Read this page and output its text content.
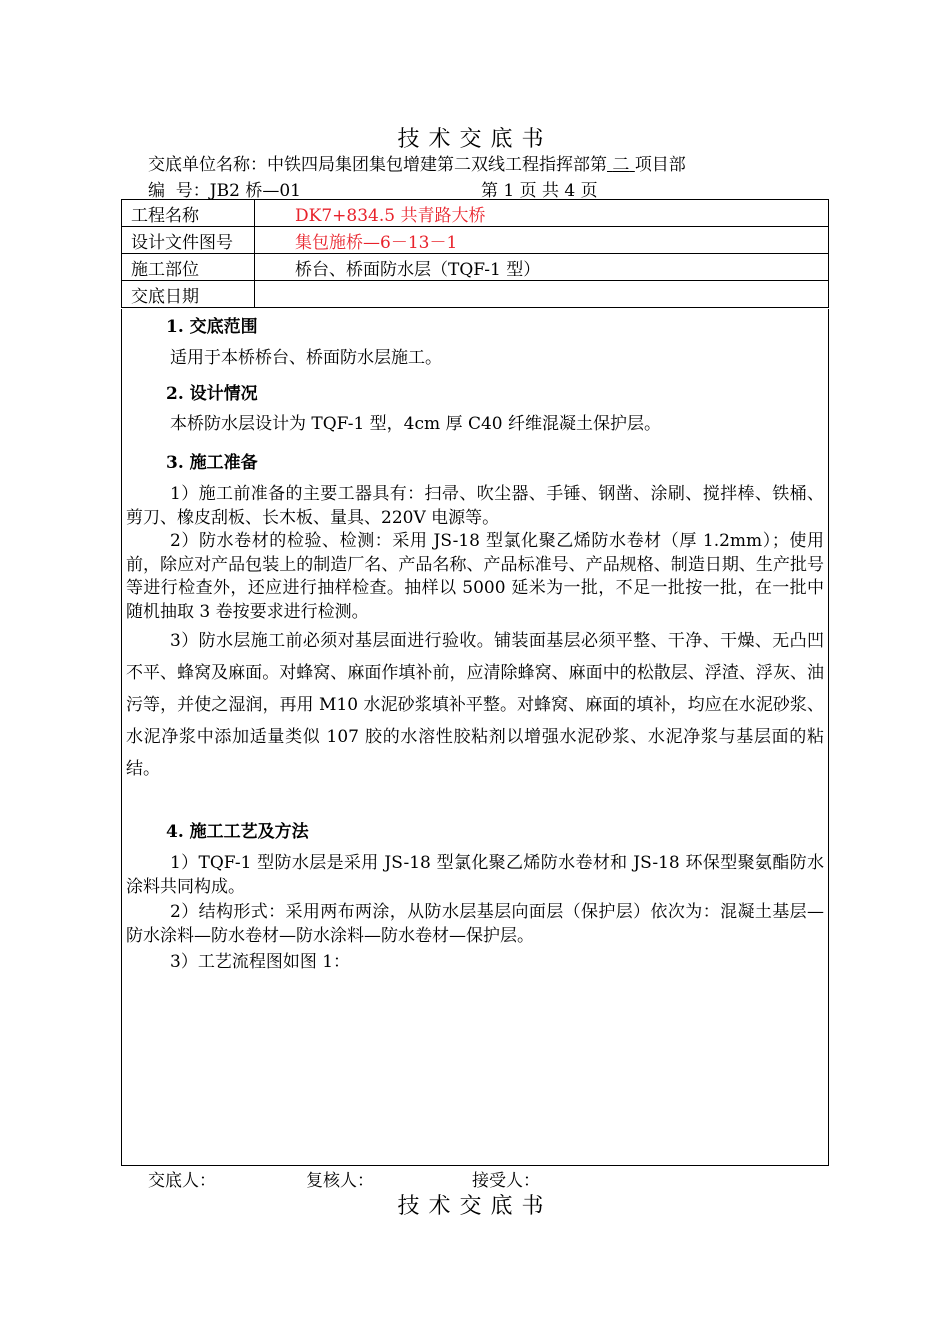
技术交底书
交底单位名称：中铁四局集团集包增建第二双线工程指挥部第 二 项目部
编  号：JB2 桥—01	第 1 页 共 4 页
工程名称	DK7+834.5 共青路大桥
设计文件图号	集包施桥—6－13－1
施工部位	桥台、桥面防水层（TQF-1 型）
交底日期	
1. 交底范围
适用于本桥桥台、桥面防水层施工。
2. 设计情况
本桥防水层设计为 TQF-1 型，4cm 厚 C40 纤维混凝土保护层。
3. 施工准备
1）施工前准备的主要工器具有：扫帚、吹尘器、手锤、钢凿、涂刷、搅拌棒、铁桶、剪刀、橡皮刮板、长木板、量具、220V 电源等。
2）防水卷材的检验、检测：采用 JS-18 型氯化聚乙烯防水卷材（厚 1.2mm）；使用前，除应对产品包装上的制造厂名、产品名称、产品标准号、产品规格、制造日期、生产批号等进行检查外，还应进行抽样检查。抽样以 5000 延米为一批，不足一批按一批，在一批中随机抽取 3 卷按要求进行检测。
3）防水层施工前必须对基层面进行验收。铺装面基层必须平整、干净、干燥、无凸凹不平、蜂窝及麻面。对蜂窝、麻面作填补前，应清除蜂窝、麻面中的松散层、浮渣、浮灰、油污等，并使之湿润，再用 M10 水泥砂浆填补平整。对蜂窝、麻面的填补，均应在水泥砂浆、水泥净浆中添加适量类似 107 胶的水溶性胶粘剂以增强水泥砂浆、水泥净浆与基层面的粘结。
4. 施工工艺及方法
1）TQF-1 型防水层是采用 JS-18 型氯化聚乙烯防水卷材和 JS-18 环保型聚氨酯防水涂料共同构成。
2）结构形式：采用两布两涂，从防水层基层向面层（保护层）依次为：混凝土基层—防水涂料—防水卷材—防水涂料—防水卷材—保护层。
3）工艺流程图如图 1：
交底人：	复核人：	接受人：
技术交底书
